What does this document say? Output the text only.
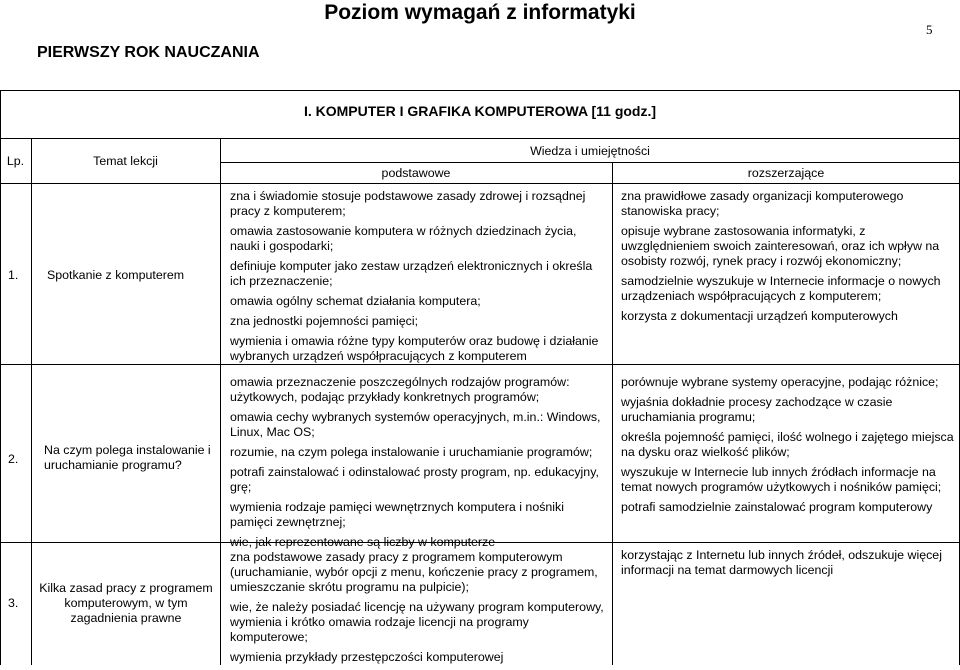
Poziom wymagań z informatyki
5
PIERWSZY ROK NAUCZANIA
I. KOMPUTER I GRAFIKA KOMPUTEROWA [11 godz.]
Lp.	Temat lekcji
Wiedza i umiejętności
podstawowe	rozszerzające
1. Spotkanie z komputerem

zna i świadomie stosuje podstawowe zasady zdrowej i rozsądnej pracy z komputerem;

omawia zastosowanie komputera w różnych dziedzinach życia, nauki i gospodarki;

definiuje komputer jako zestaw urządzeń elektronicznych i określa ich przeznaczenie;

omawia ogólny schemat działania komputera;

zna jednostki pojemności pamięci;

wymienia i omawia różne typy komputerów oraz budowę i działanie wybranych urządzeń współpracujących z komputerem

zna prawidłowe zasady organizacji komputerowego stanowiska pracy;

opisuje wybrane zastosowania informatyki, z uwzględnieniem swoich zainteresowań, oraz ich wpływ na osobisty rozwój, rynek pracy i rozwój ekonomiczny;

samodzielnie wyszukuje w Internecie informacje o nowych urządzeniach współpracujących z komputerem;

korzysta z dokumentacji urządzeń komputerowych

2.
Na czym polega instalowanie i uruchamianie programu?

omawia przeznaczenie poszczególnych rodzajów programów: użytkowych, podając przykłady konkretnych programów;

omawia cechy wybranych systemów operacyjnych, m.in.: Windows, Linux, Mac OS;

rozumie, na czym polega instalowanie i uruchamianie programów;

potrafi zainstalować i odinstalować prosty program, np. edukacyjny, grę;

wymienia rodzaje pamięci wewnętrznych komputera i nośniki pamięci zewnętrznej;

wie, jak reprezentowane są liczby w komputerze

porównuje wybrane systemy operacyjne, podając różnice;

wyjaśnia dokładnie procesy zachodzące w czasie uruchamiania programu;

określa pojemność pamięci, ilość wolnego i zajętego miejsca na dysku oraz wielkość plików;

wyszukuje w Internecie lub innych źródłach informacje na temat nowych programów użytkowych i nośników pamięci;

potrafi samodzielnie zainstalować program komputerowy

3.
Kilka zasad pracy z programem komputerowym, w tym zagadnienia prawne

zna podstawowe zasady pracy z programem komputerowym (uruchamianie, wybór opcji z menu, kończenie pracy z programem, umieszczanie skrótu programu na pulpicie);

wie, że należy posiadać licencję na używany program komputerowy, wymienia i krótko omawia rodzaje licencji na programy komputerowe;

wymienia przykłady przestępczości komputerowej

korzystając z Internetu lub innych źródeł, odszukuje więcej informacji na temat darmowych licencji
